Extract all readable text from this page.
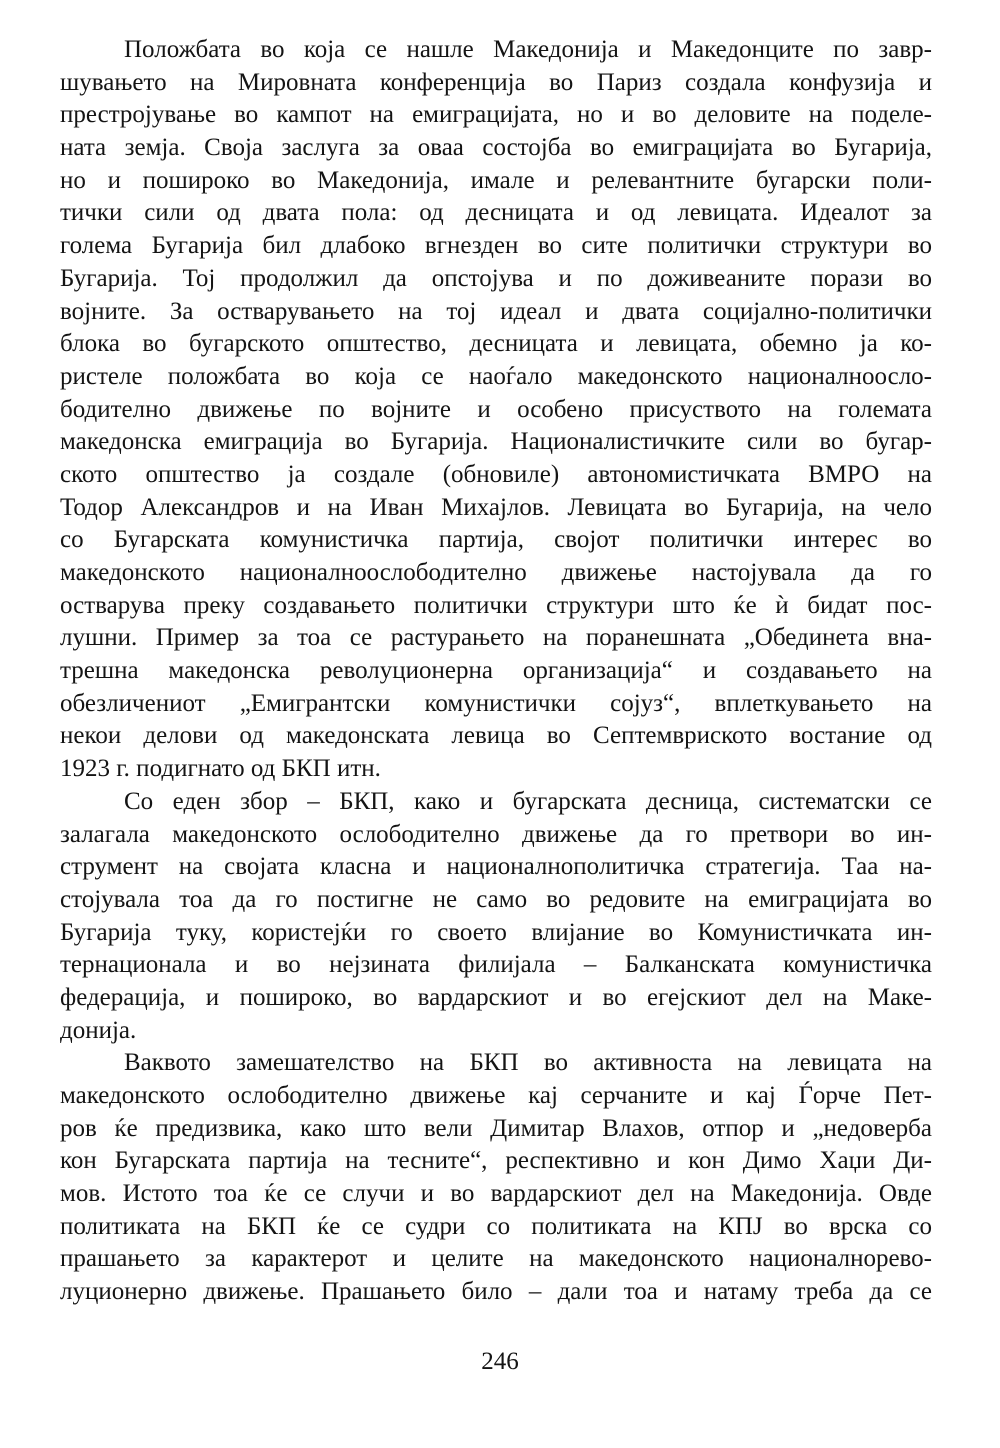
Положбата во која се нашле Македонија и Македонците по завр-
шувањето на Мировната конференција во Париз создала конфузија и
престројување во кампот на емиграцијата, но и во деловите на поделе-
ната земја. Своја заслуга за оваа состојба во емиграцијата во Бугарија,
но и пошироко во Македонија, имале и релевантните бугарски поли-
тички сили од двата пола: од десницата и од левицата. Идеалот за
голема Бугарија бил длабоко вгнезден во сите политички структури во
Бугарија. Тој продолжил да опстојува и по доживеаните порази во
војните. За остварувањето на тој идеал и двата социјално-политички
блока во бугарското општество, десницата и левицата, обемно ја ко-
ристеле положбата во која се наоѓало македонското националноосло-
бодително движење по војните и особено присуството на големата
македонска емиграција во Бугарија. Националистичките сили во бугар-
ското општество ја создале (обновиле) автономистичката ВМРО на
Тодор Александров и на Иван Михајлов. Левицата во Бугарија, на чело
со Бугарската комунистичка партија, својот политички интерес во
македонското националноослободително движење настојувала да го
остварува преку создавањето политички структури што ќе ѝ бидат пос-
лушни. Пример за тоа се растурањето на поранешната „Обединета вна-
трешна македонска револуционерна организација“ и создавањето на
обезличениот „Емигрантски комунистички сојуз“, вплеткувањето на
некои делови од македонската левица во Септемвриското востание од
1923 г. подигнато од БКП итн.
Со еден збор – БКП, како и бугарската десница, систематски се
залагала македонското ослободително движење да го претвори во ин-
струмент на својата класна и националнополитичка стратегија. Таа на-
стојувала тоа да го постигне не само во редовите на емиграцијата во
Бугарија туку, користејќи го своето влијание во Комунистичката ин-
тернационала и во нејзината филијала – Балканската комунистичка
федерација, и пошироко, во вардарскиот и во егејскиот дел на Маке-
донија.
Ваквото замешателство на БКП во активноста на левицата на
македонското ослободително движење кај серчаните и кај Ѓорче Пет-
ров ќе предизвика, како што вели Димитар Влахов, отпор и „недоверба
кон Бугарската партија на тесните“, респективно и кон Димо Хаџи Ди-
мов. Истото тоа ќе се случи и во вардарскиот дел на Македонија. Овде
политиката на БКП ќе се судри со политиката на КПЈ во врска со
прашањето за карактерот и целите на македонското националнорево-
луционерно движење. Прашањето било – дали тоа и натаму треба да се
246
